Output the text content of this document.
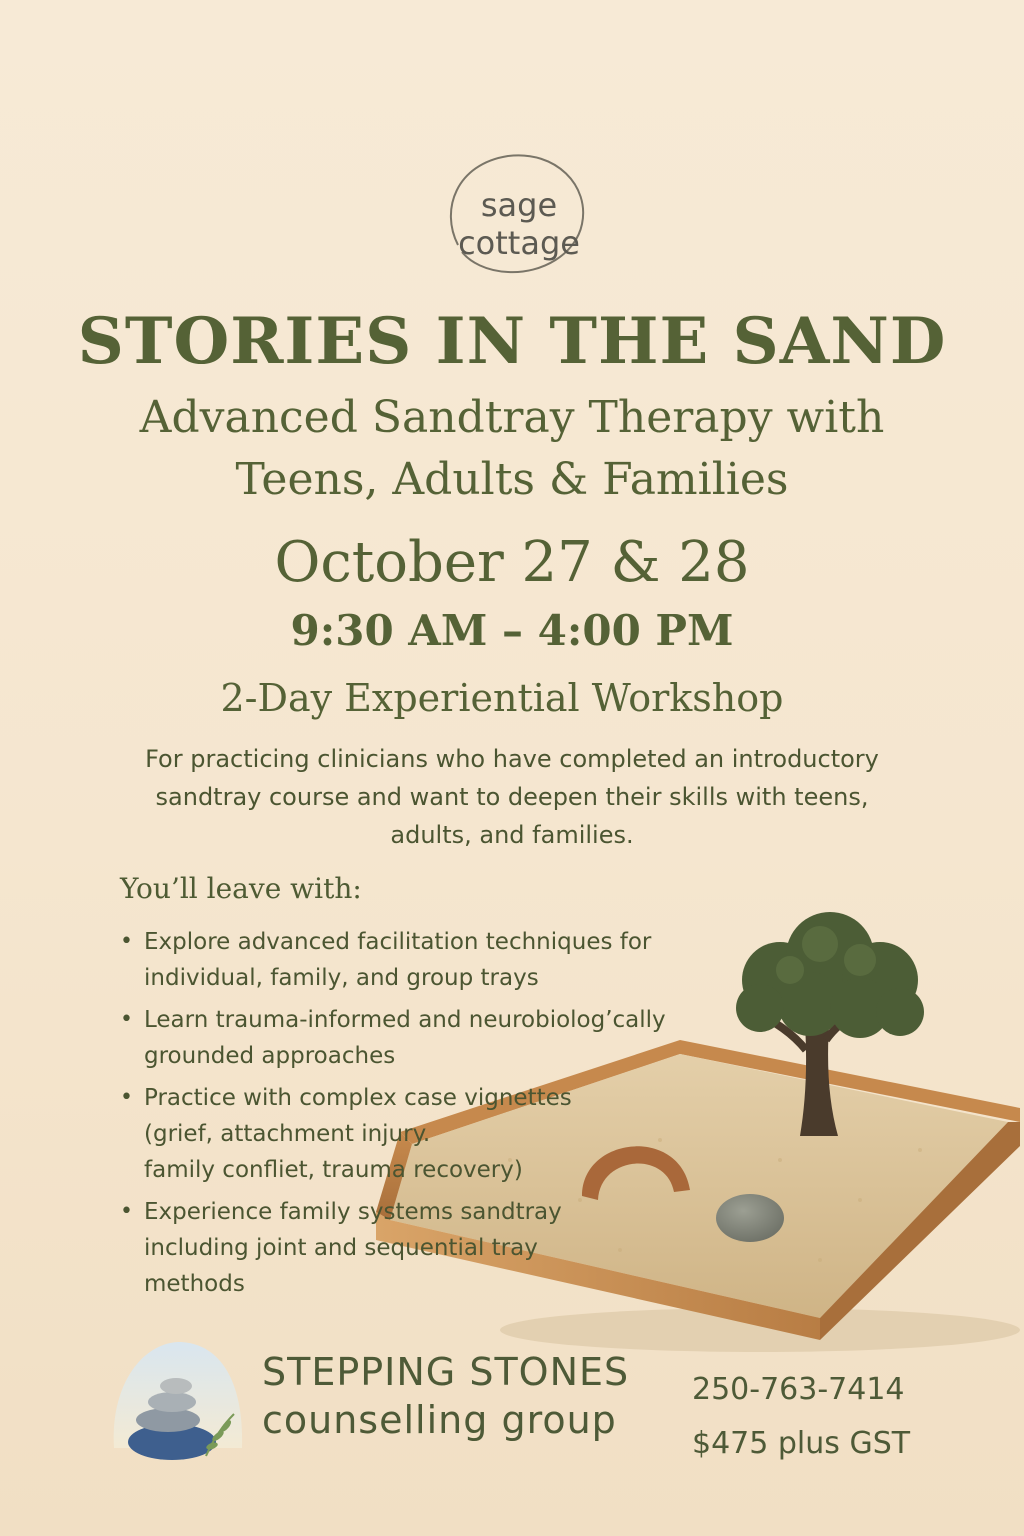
sage
cottage
STORIES IN THE SAND
Advanced Sandtray Therapy with
Teens, Adults & Families
October 27 & 28
9:30 AM – 4:00 PM
2-Day Experiential Workshop
For practicing clinicians who have completed an introductory sandtray course and want to deepen their skills with teens, adults, and families.
You’ll leave with:
• Explore advanced facilitation techniques for
individual, family, and group trays
• Learn trauma-informed and neurobiolog’cally
grounded approaches
• Practice with complex case vignettes
(grief, attachment injury.
family confliet, trauma recovery)
• Experience family systems sandtray
including joint and sequential tray
methods
STEPPING STONES
counselling group
250-763-7414
$475 plus GST
